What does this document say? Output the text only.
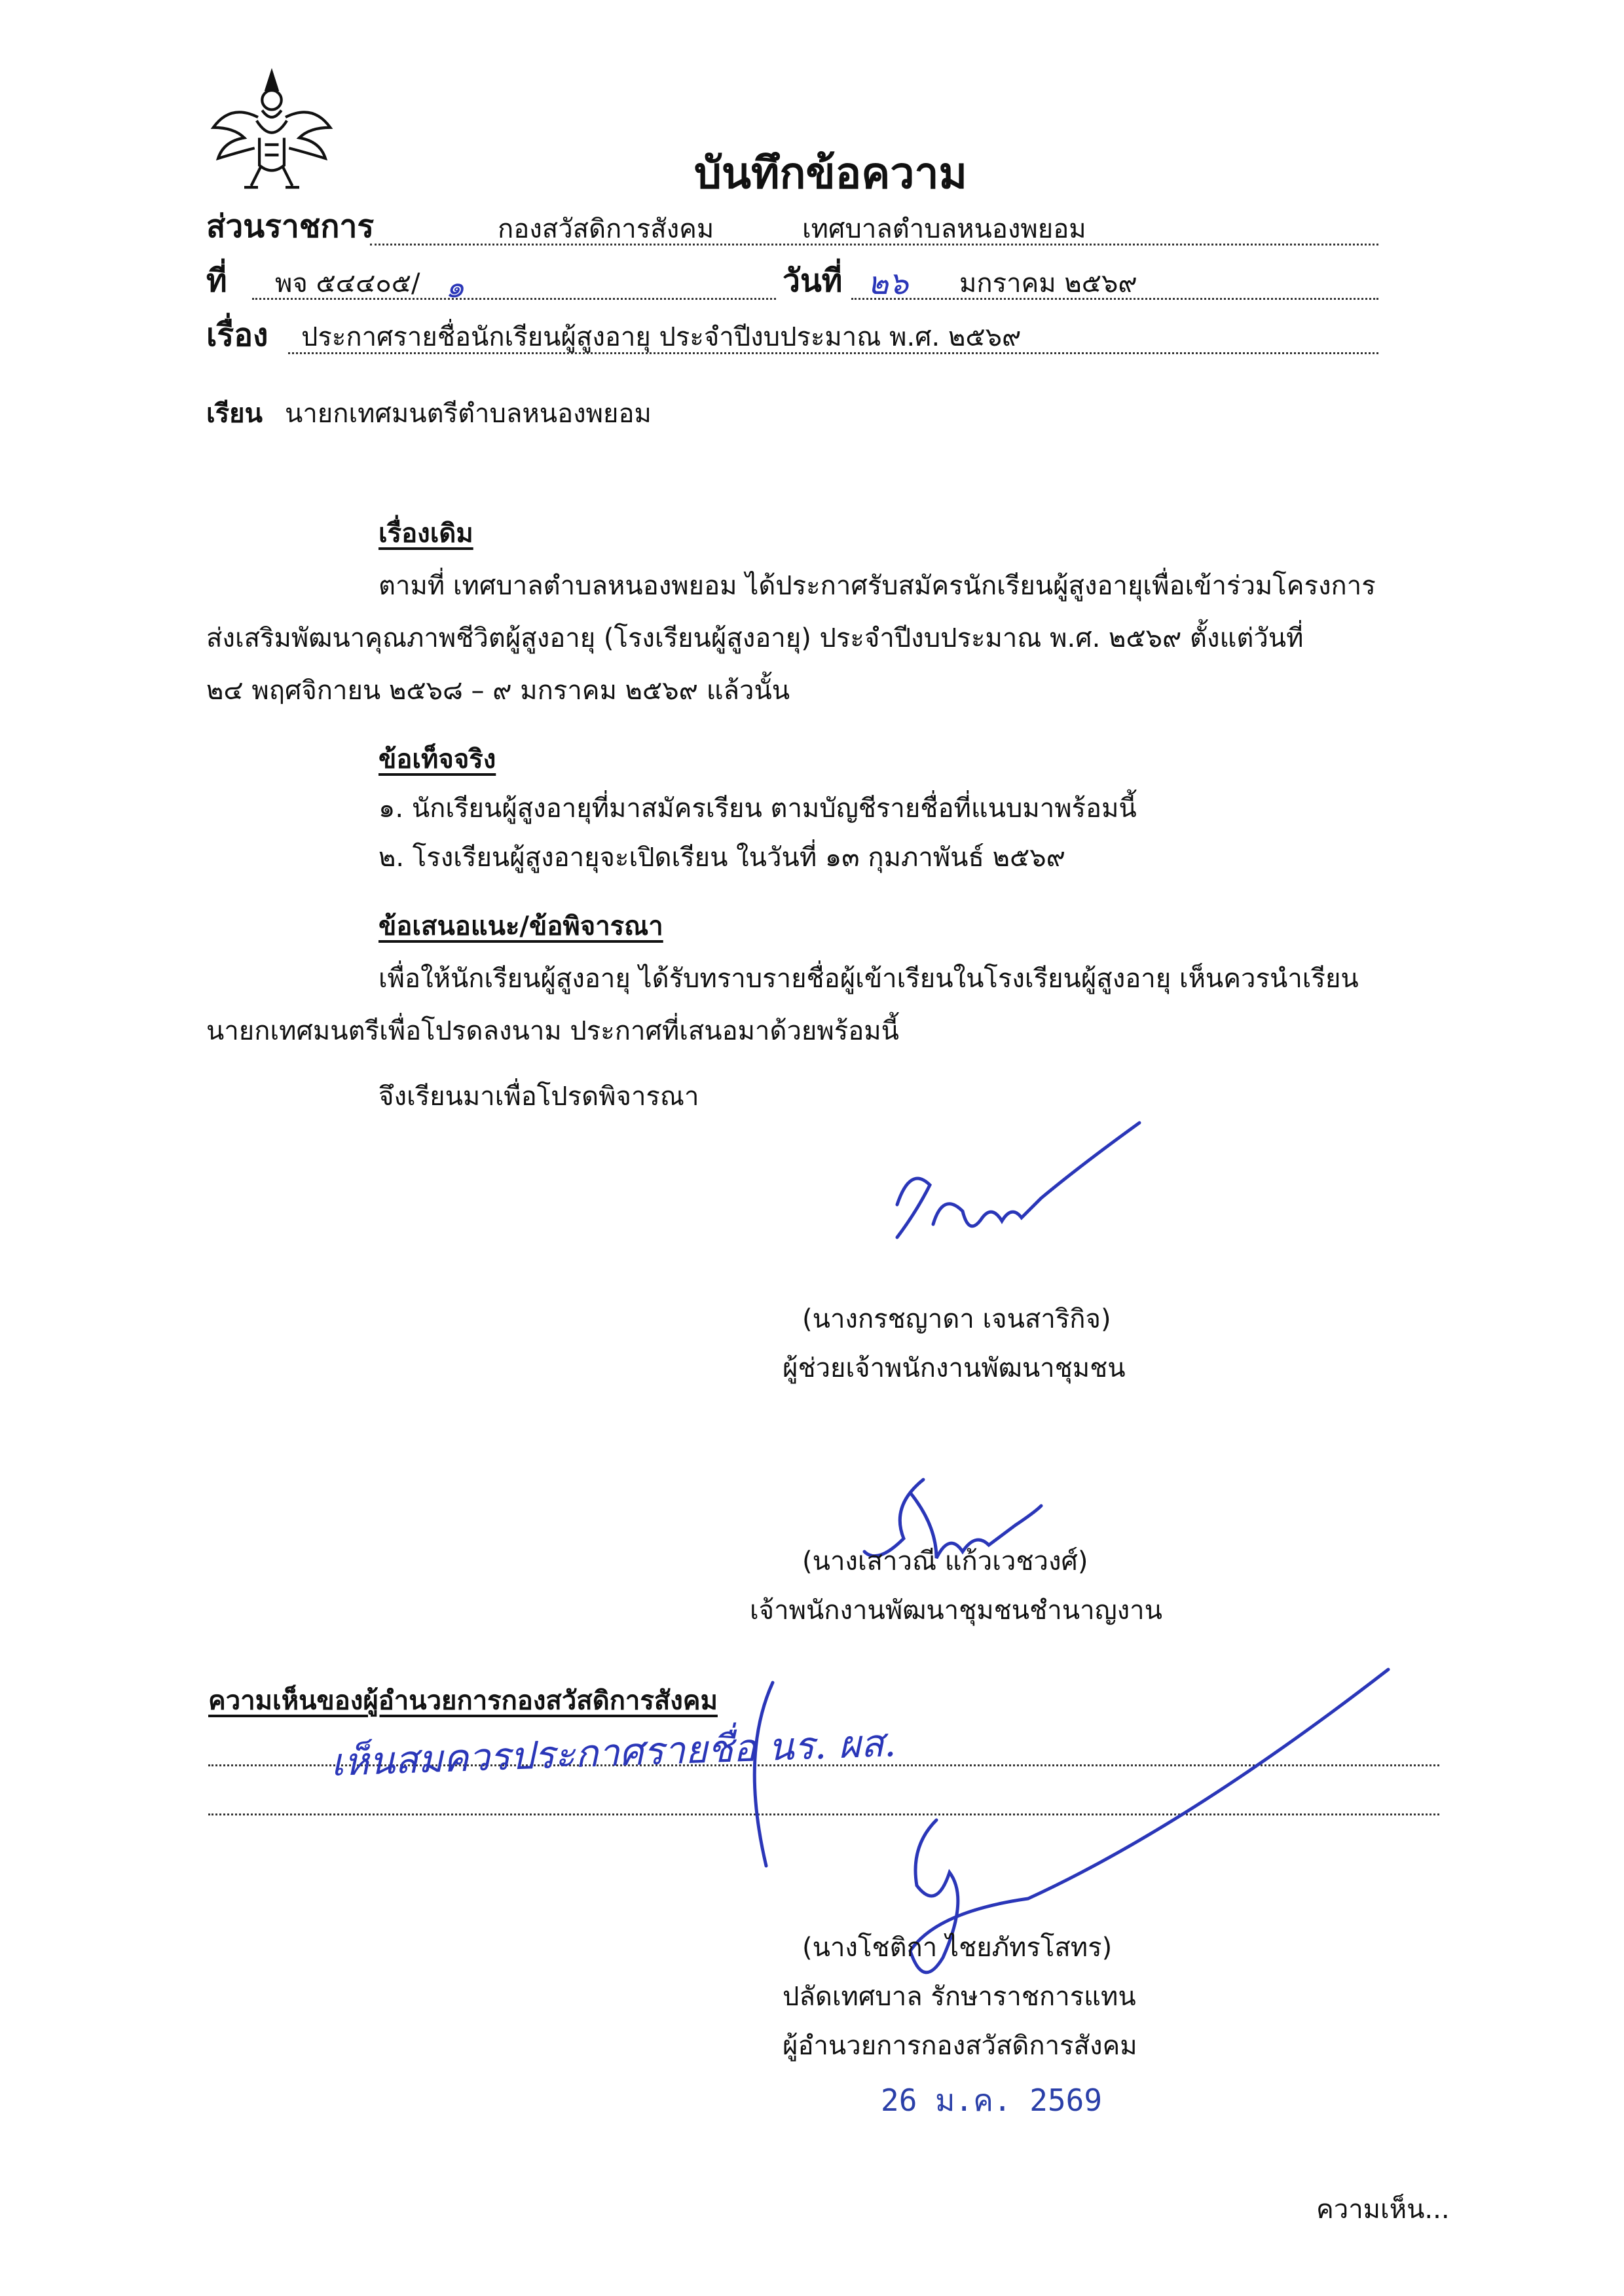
บันทึกข้อความ
ส่วนราชการ	กองสวัสดิการสังคม	เทศบาลตำบลหนองพยอม
ที่ พจ ๕๔๔๐๕/ ๑	วันที่ ๒๖ มกราคม ๒๕๖๙
เรื่อง ประกาศรายชื่อนักเรียนผู้สูงอายุ ประจำปีงบประมาณ พ.ศ. ๒๕๖๙
เรียน นายกเทศมนตรีตำบลหนองพยอม
เรื่องเดิม
ตามที่ เทศบาลตำบลหนองพยอม ได้ประกาศรับสมัครนักเรียนผู้สูงอายุเพื่อเข้าร่วมโครงการ
ส่งเสริมพัฒนาคุณภาพชีวิตผู้สูงอายุ (โรงเรียนผู้สูงอายุ) ประจำปีงบประมาณ พ.ศ. ๒๕๖๙ ตั้งแต่วันที่
๒๔ พฤศจิกายน ๒๕๖๘ – ๙ มกราคม ๒๕๖๙ แล้วนั้น
ข้อเท็จจริง
๑. นักเรียนผู้สูงอายุที่มาสมัครเรียน ตามบัญชีรายชื่อที่แนบมาพร้อมนี้
๒. โรงเรียนผู้สูงอายุจะเปิดเรียน ในวันที่ ๑๓ กุมภาพันธ์ ๒๕๖๙
ข้อเสนอแนะ/ข้อพิจารณา
เพื่อให้นักเรียนผู้สูงอายุ ได้รับทราบรายชื่อผู้เข้าเรียนในโรงเรียนผู้สูงอายุ เห็นควรนำเรียน
นายกเทศมนตรีเพื่อโปรดลงนาม ประกาศที่เสนอมาด้วยพร้อมนี้
จึงเรียนมาเพื่อโปรดพิจารณา
(นางกรชญาดา เจนสาริกิจ)
ผู้ช่วยเจ้าพนักงานพัฒนาชุมชน
(นางเสาวณี แก้วเวชวงศ์)
เจ้าพนักงานพัฒนาชุมชนชำนาญงาน
ความเห็นของผู้อำนวยการกองสวัสดิการสังคม
เห็นสมควรประกาศรายชื่อ นร. ผส.
(นางโชติกา ไชยภัทรโสทร)
ปลัดเทศบาล รักษาราชการแทน
ผู้อำนวยการกองสวัสดิการสังคม
26 ม.ค. 2569
ความเห็น...
